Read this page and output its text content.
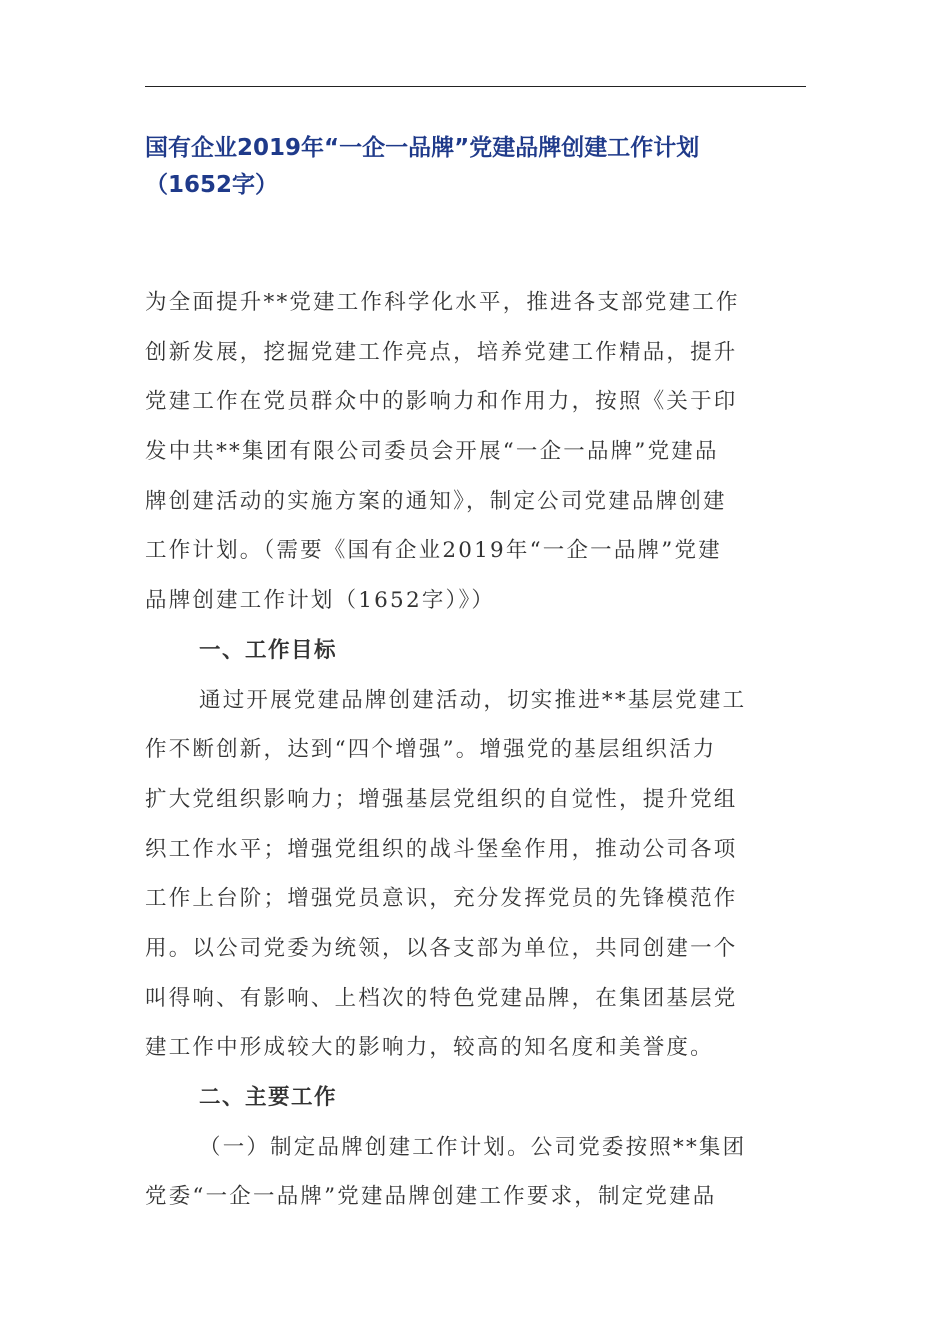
国有企业2019年“一企一品牌”党建品牌创建工作计划
（1652字）
为全面提升**党建工作科学化水平，推进各支部党建工作
创新发展，挖掘党建工作亮点，培养党建工作精品，提升
党建工作在党员群众中的影响力和作用力，按照《关于印
发中共**集团有限公司委员会开展“一企一品牌”党建品
牌创建活动的实施方案的通知》，制定公司党建品牌创建
工作计划。（需要《国有企业2019年“一企一品牌”党建
品牌创建工作计划（1652字）》）
一、工作目标
通过开展党建品牌创建活动，切实推进**基层党建工
作不断创新，达到“四个增强”。增强党的基层组织活力
扩大党组织影响力；增强基层党组织的自觉性，提升党组
织工作水平；增强党组织的战斗堡垒作用，推动公司各项
工作上台阶；增强党员意识，充分发挥党员的先锋模范作
用。以公司党委为统领，以各支部为单位，共同创建一个
叫得响、有影响、上档次的特色党建品牌，在集团基层党
建工作中形成较大的影响力，较高的知名度和美誉度。
二、主要工作
（一）制定品牌创建工作计划。公司党委按照**集团
党委“一企一品牌”党建品牌创建工作要求，制定党建品
